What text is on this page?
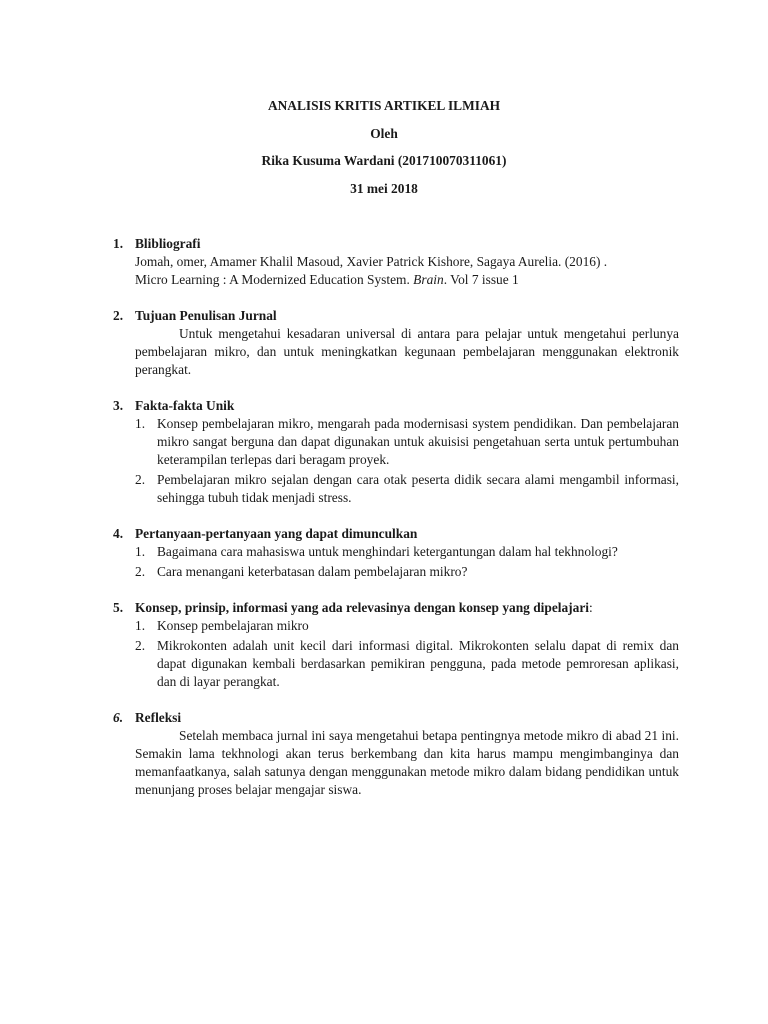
ANALISIS KRITIS ARTIKEL ILMIAH
Oleh
Rika Kusuma Wardani (201710070311061)
31 mei 2018
1. Blibliografi
Jomah, omer, Amamer Khalil Masoud, Xavier Patrick Kishore, Sagaya Aurelia. (2016) .
Micro Learning : A Modernized Education System. Brain. Vol 7 issue 1
2. Tujuan Penulisan Jurnal
Untuk mengetahui kesadaran universal di antara para pelajar untuk mengetahui perlunya pembelajaran mikro, dan untuk meningkatkan kegunaan pembelajaran menggunakan elektronik perangkat.
3. Fakta-fakta Unik
1. Konsep pembelajaran mikro, mengarah pada modernisasi system pendidikan. Dan pembelajaran mikro sangat berguna dan dapat digunakan untuk akuisisi pengetahuan serta untuk pertumbuhan keterampilan terlepas dari beragam proyek.
2. Pembelajaran mikro sejalan dengan cara otak peserta didik secara alami mengambil informasi, sehingga tubuh tidak menjadi stress.
4. Pertanyaan-pertanyaan yang dapat dimunculkan
1. Bagaimana cara mahasiswa untuk menghindari ketergantungan dalam hal tekhnologi?
2. Cara menangani keterbatasan dalam pembelajaran mikro?
5. Konsep, prinsip, informasi yang ada relevasinya dengan konsep yang dipelajari:
1. Konsep pembelajaran mikro
2. Mikrokonten adalah unit kecil dari informasi digital. Mikrokonten selalu dapat di remix dan dapat digunakan kembali berdasarkan pemikiran pengguna, pada metode pemroresan aplikasi, dan di layar perangkat.
6. Refleksi
Setelah membaca jurnal ini saya mengetahui betapa pentingnya metode mikro di abad 21 ini. Semakin lama tekhnologi akan terus berkembang dan kita harus mampu mengimbanginya dan memanfaatkanya, salah satunya dengan menggunakan metode mikro dalam bidang pendidikan untuk menunjang proses belajar mengajar siswa.
